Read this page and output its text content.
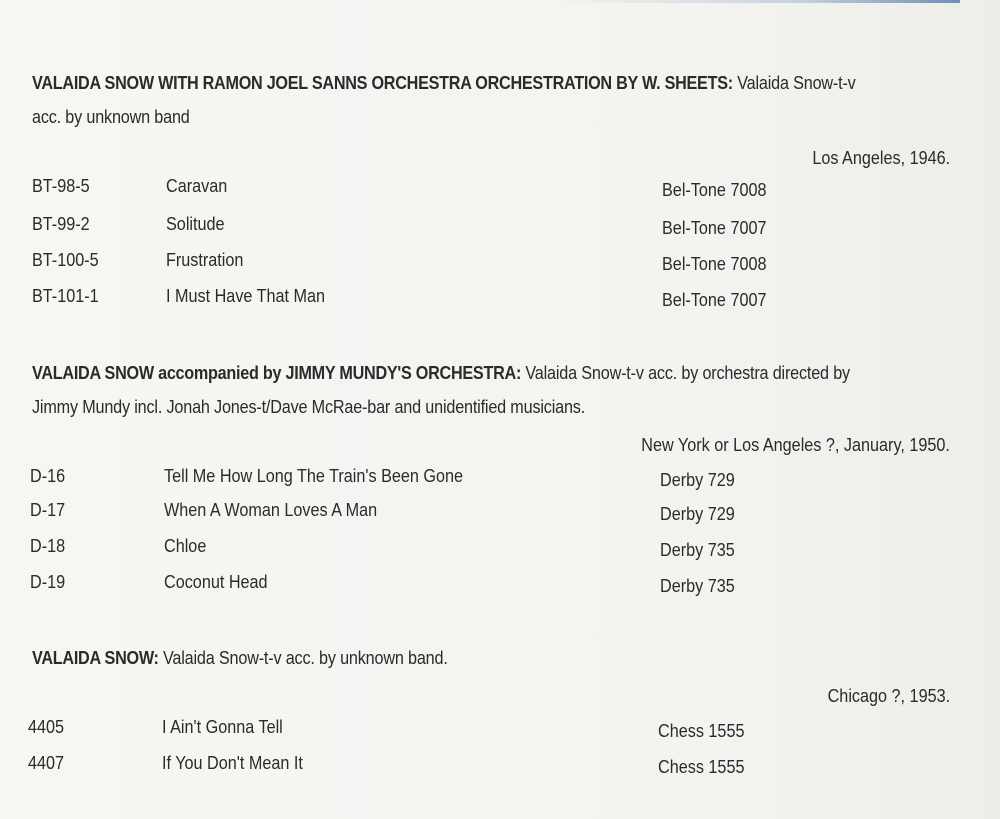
VALAIDA SNOW WITH RAMON JOEL SANNS ORCHESTRA ORCHESTRATION BY W. SHEETS: Valaida Snow-t-v acc. by unknown band
Los Angeles, 1946.
BT-98-5	Caravan	Bel-Tone 7008
BT-99-2	Solitude	Bel-Tone 7007
BT-100-5	Frustration	Bel-Tone 7008
BT-101-1	I Must Have That Man	Bel-Tone 7007
VALAIDA SNOW accompanied by JIMMY MUNDY'S ORCHESTRA: Valaida Snow-t-v acc. by orchestra directed by Jimmy Mundy incl. Jonah Jones-t/Dave McRae-bar and unidentified musicians.
New York or Los Angeles ?, January, 1950.
D-16	Tell Me How Long The Train's Been Gone	Derby 729
D-17	When A Woman Loves A Man	Derby 729
D-18	Chloe	Derby 735
D-19	Coconut Head	Derby 735
VALAIDA SNOW: Valaida Snow-t-v acc. by unknown band.
Chicago ?, 1953.
4405	I Ain't Gonna Tell	Chess 1555
4407	If You Don't Mean It	Chess 1555
